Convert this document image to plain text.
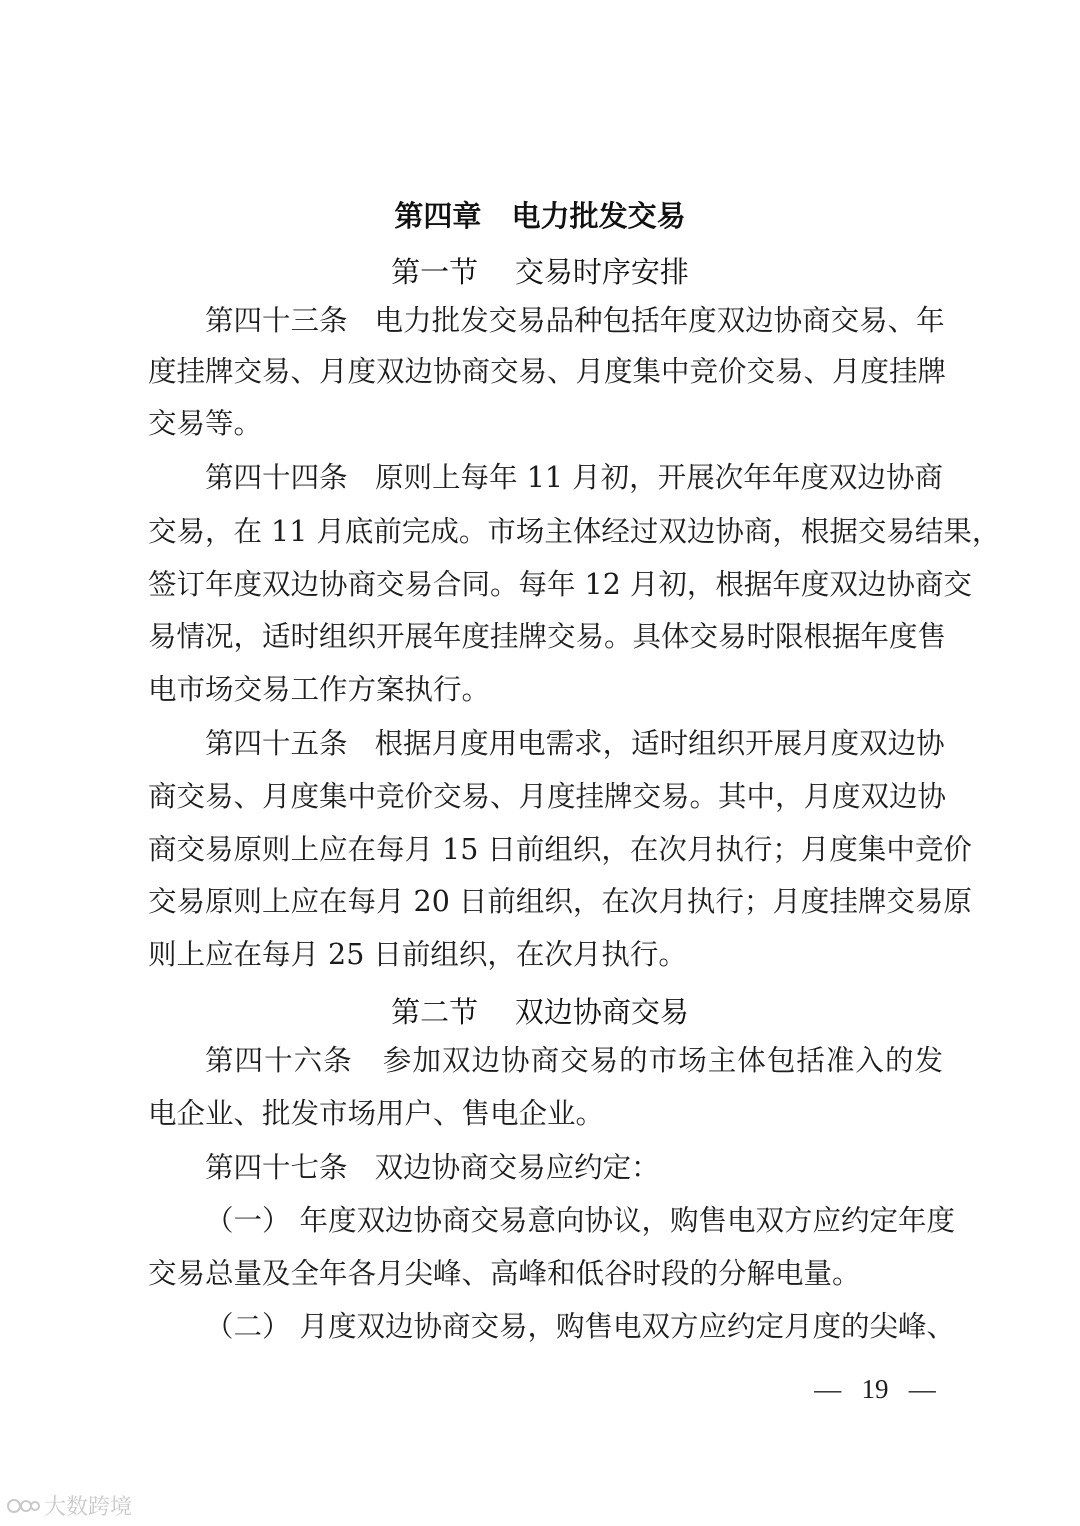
第四章   电力批发交易
第一节    交易时序安排
第四十三条   电力批发交易品种包括年度双边协商交易、年
度挂牌交易、月度双边协商交易、月度集中竞价交易、月度挂牌
交易等。
第四十四条   原则上每年 11 月初，开展次年年度双边协商
交易，在 11 月底前完成。市场主体经过双边协商，根据交易结果，
签订年度双边协商交易合同。每年 12 月初，根据年度双边协商交
易情况，适时组织开展年度挂牌交易。具体交易时限根据年度售
电市场交易工作方案执行。
第四十五条   根据月度用电需求，适时组织开展月度双边协
商交易、月度集中竞价交易、月度挂牌交易。其中，月度双边协
商交易原则上应在每月 15 日前组织，在次月执行；月度集中竞价
交易原则上应在每月 20 日前组织，在次月执行；月度挂牌交易原
则上应在每月 25 日前组织，在次月执行。
第二节    双边协商交易
第四十六条   参加双边协商交易的市场主体包括准入的发
电企业、批发市场用户、售电企业。
第四十七条   双边协商交易应约定：
（一） 年度双边协商交易意向协议，购售电双方应约定年度
交易总量及全年各月尖峰、高峰和低谷时段的分解电量。
（二） 月度双边协商交易，购售电双方应约定月度的尖峰、
—   19   —
大数跨境
